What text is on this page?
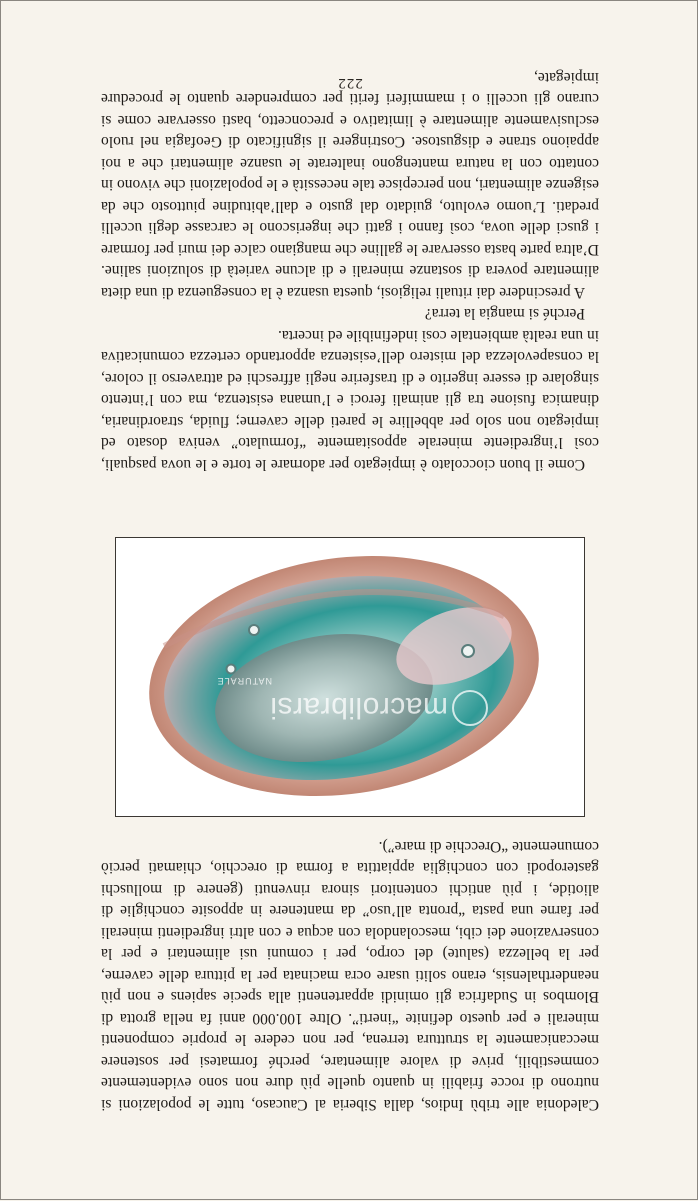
Caledonia alle tribù Indios, dalla Siberia al Caucaso, tutte le popolazioni si nutrono di rocce friabili in quanto quelle più dure non sono evidentemente commestibili, prive di valore alimentare, perché formatesi per sostenere meccanicamente la struttura terrena, per non cedere le proprie componenti minerali e per questo definite “inerti”. Oltre 100.000 anni fa nella grotta di Blombos in Sudafrica gli ominidi appartenenti alla specie sapiens e non più neanderthalensis, erano soliti usare ocra macinata per la pittura delle caverne, per la bellezza (salute) del corpo, per i comuni usi alimentari e per la conservazione dei cibi, mescolandola con acqua e con altri ingredienti minerali per farne una pasta “pronta all’uso” da mantenere in apposite conchiglie di aliotide, i più antichi contenitori sinora rinvenuti (genere di molluschi gasteropodi con conchiglia appiattita a forma di orecchio, chiamati perciò comunemente “Orecchie di mare”).

macrolibrarsi
NATURALE

Come il buon cioccolato è impiegato per adornare le torte e le uova pasquali, così l’ingrediente minerale appositamente “formulato” veniva dosato ed impiegato non solo per abbellire le pareti delle caverne; fluida, straordinaria, dinamica fusione tra gli animali feroci e l’umana esistenza, ma con l’intento singolare di essere ingerito e di trasferire negli affreschi ed attraverso il colore, la consapevolezza del mistero dell’esistenza apportando certezza comunicativa in una realtà ambientale così indefinibile ed incerta.

Perché si mangia la terra?

A prescindere dai rituali religiosi, questa usanza è la conseguenza di una dieta alimentare povera di sostanze minerali e di alcune varietà di soluzioni saline. D’altra parte basta osservare le galline che mangiano calce dei muri per formare i gusci delle uova, così fanno i gatti che ingeriscono le carcasse degli uccelli predati. L’uomo evoluto, guidato dal gusto e dall’abitudine piuttosto che da esigenze alimentari, non percepisce tale necessità e le popolazioni che vivono in contatto con la natura mantengono inalterate le usanze alimentari che a noi appaiono strane e disgustose. Costringere il significato di Geofagia nel ruolo esclusivamente alimentare è limitativo e preconcetto, basti osservare come si curano gli uccelli o i mammiferi feriti per comprendere quanto le procedure impiegate,

222
